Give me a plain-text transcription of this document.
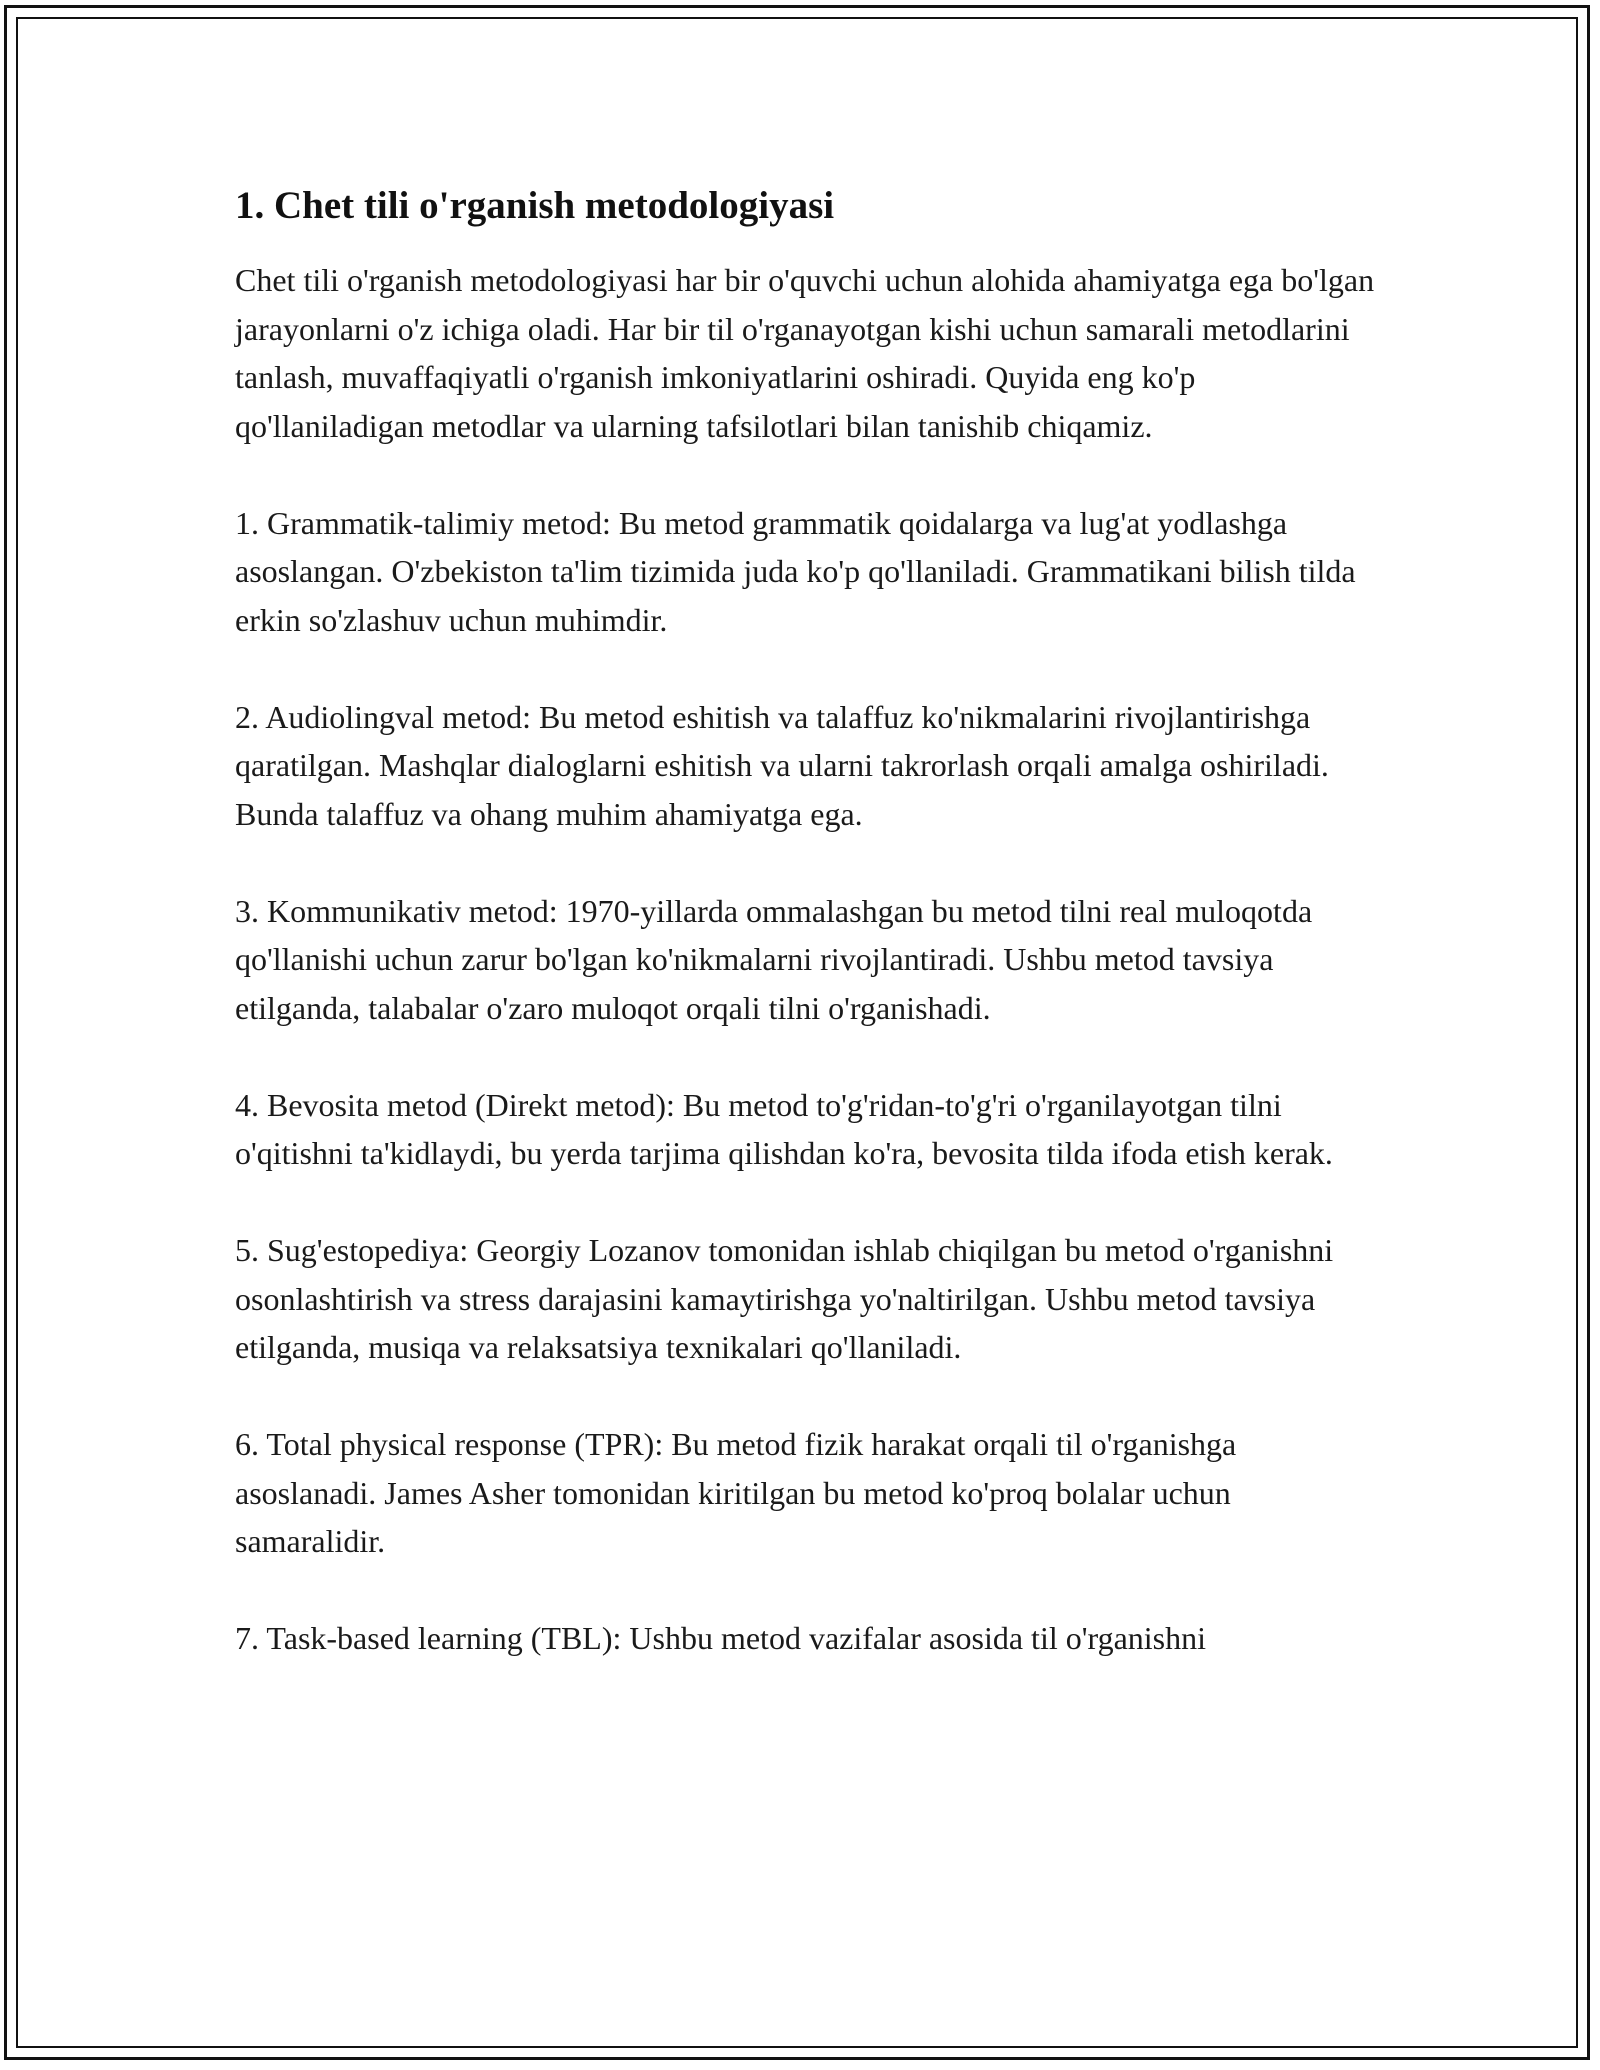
1. Chet tili o'rganish metodologiyasi

Chet tili o'rganish metodologiyasi har bir o'quvchi uchun alohida ahamiyatga ega bo'lgan jarayonlarni o'z ichiga oladi. Har bir til o'rganayotgan kishi uchun samarali metodlarini tanlash, muvaffaqiyatli o'rganish imkoniyatlarini oshiradi. Quyida eng ko'p qo'llaniladigan metodlar va ularning tafsilotlari bilan tanishib chiqamiz.

1. Grammatik-talimiy metod: Bu metod grammatik qoidalarga va lug'at yodlashga asoslangan. O'zbekiston ta'lim tizimida juda ko'p qo'llaniladi. Grammatikani bilish tilda erkin so'zlashuv uchun muhimdir.

2. Audiolingval metod: Bu metod eshitish va talaffuz ko'nikmalarini rivojlantirishga qaratilgan. Mashqlar dialoglarni eshitish va ularni takrorlash orqali amalga oshiriladi. Bunda talaffuz va ohang muhim ahamiyatga ega.

3. Kommunikativ metod: 1970-yillarda ommalashgan bu metod tilni real muloqotda qo'llanishi uchun zarur bo'lgan ko'nikmalarni rivojlantiradi. Ushbu metod tavsiya etilganda, talabalar o'zaro muloqot orqali tilni o'rganishadi.

4. Bevosita metod (Direkt metod): Bu metod to'g'ridan-to'g'ri o'rganilayotgan tilni o'qitishni ta'kidlaydi, bu yerda tarjima qilishdan ko'ra, bevosita tilda ifoda etish kerak.

5. Sug'estopediya: Georgiy Lozanov tomonidan ishlab chiqilgan bu metod o'rganishni osonlashtirish va stress darajasini kamaytirishga yo'naltirilgan. Ushbu metod tavsiya etilganda, musiqa va relaksatsiya texnikalari qo'llaniladi.

6. Total physical response (TPR): Bu metod fizik harakat orqali til o'rganishga asoslanadi. James Asher tomonidan kiritilgan bu metod ko'proq bolalar uchun samaralidir.

7. Task-based learning (TBL): Ushbu metod vazifalar asosida til o'rganishni
